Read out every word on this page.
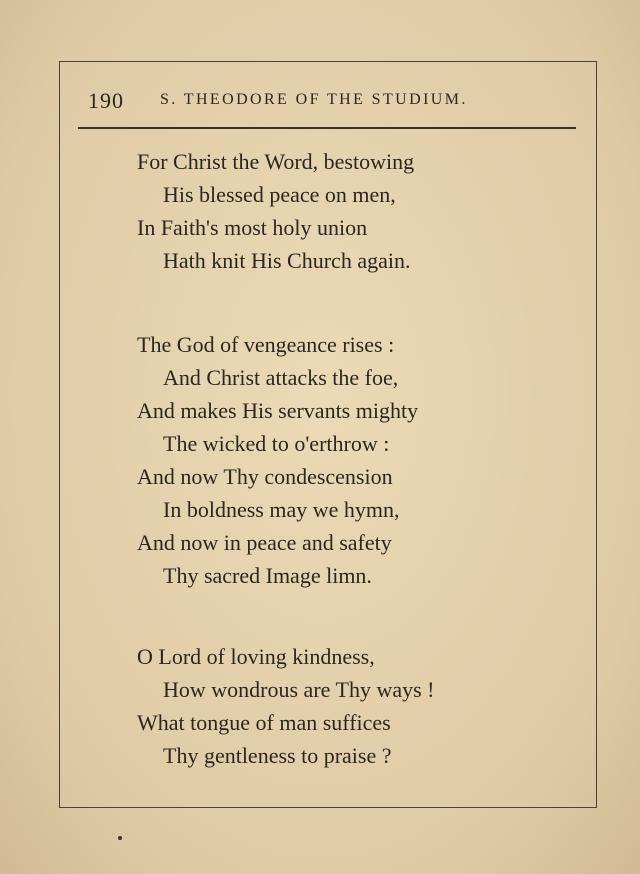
190 S. THEODORE OF THE STUDIUM.
For Christ the Word, bestowing
His blessed peace on men,
In Faith's most holy union
Hath knit His Church again.
The God of vengeance rises :
And Christ attacks the foe,
And makes His servants mighty
The wicked to o'erthrow :
And now Thy condescension
In boldness may we hymn,
And now in peace and safety
Thy sacred Image limn.
O Lord of loving kindness,
How wondrous are Thy ways !
What tongue of man suffices
Thy gentleness to praise ?
